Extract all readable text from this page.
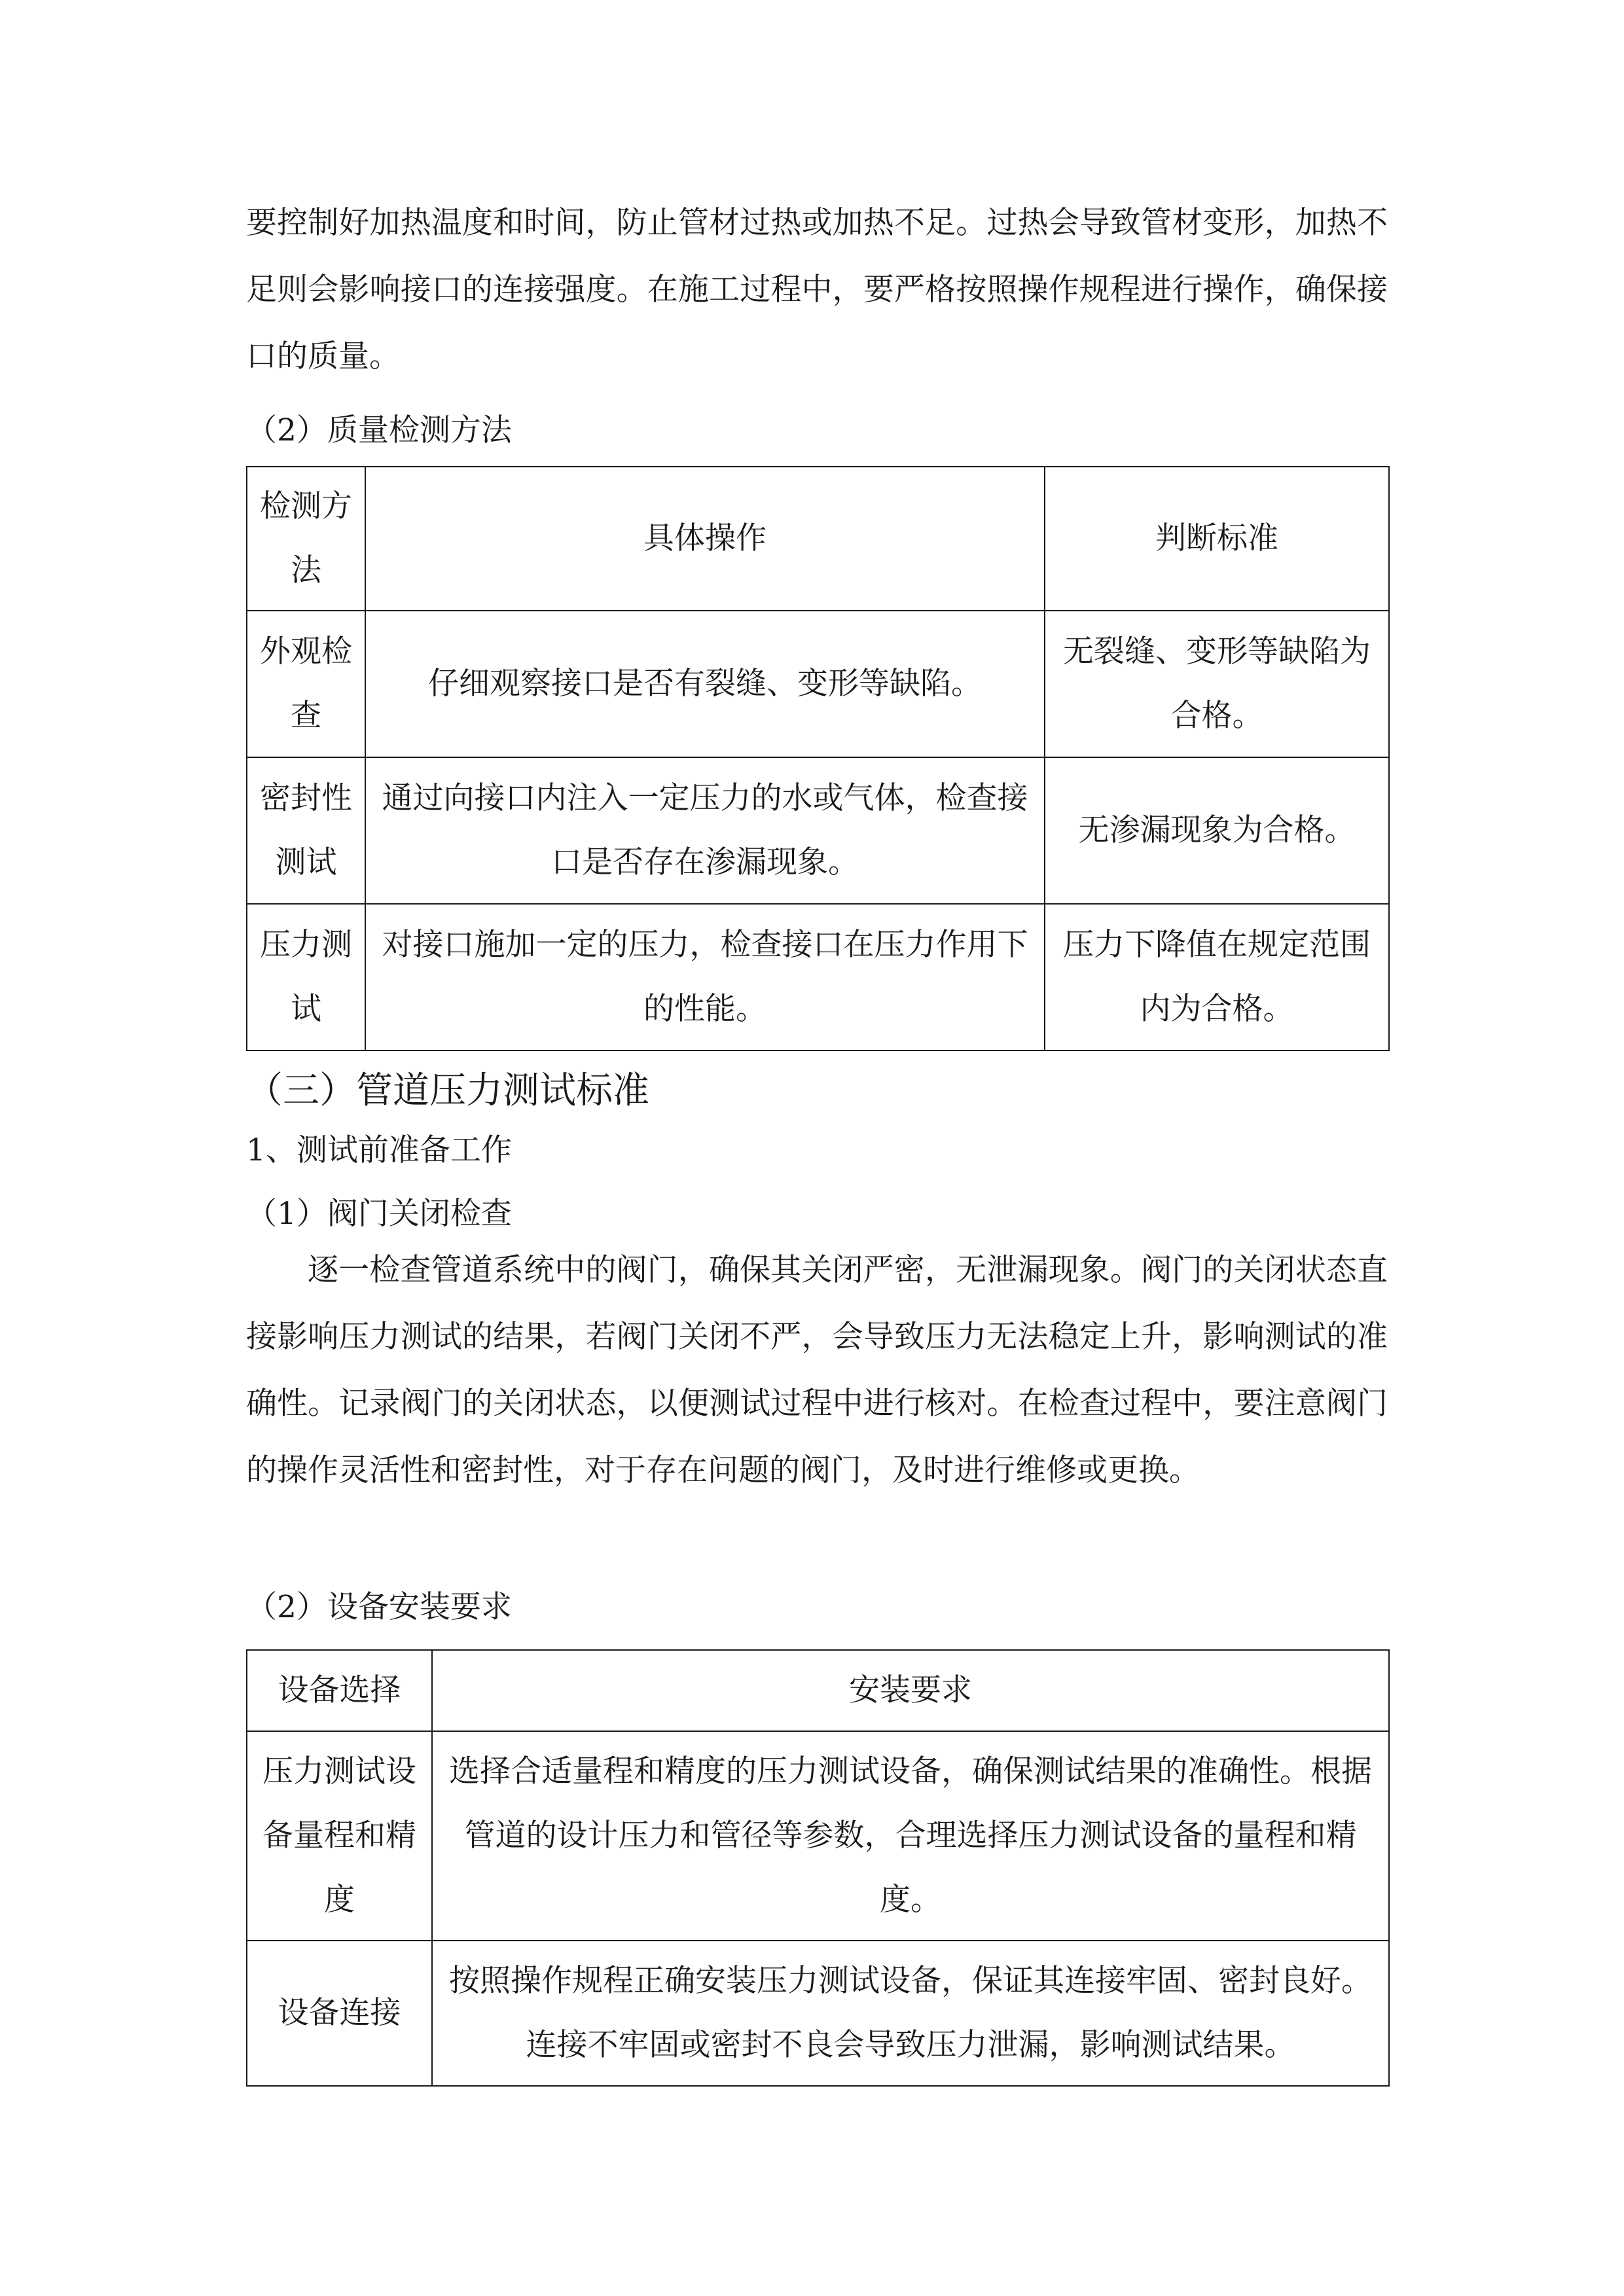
要控制好加热温度和时间，防止管材过热或加热不足。过热会导致管材变形，加热不足则会影响接口的连接强度。在施工过程中，要严格按照操作规程进行操作，确保接口的质量。

（2）质量检测方法

检测方法	具体操作	判断标准
外观检查	仔细观察接口是否有裂缝、变形等缺陷。	无裂缝、变形等缺陷为合格。
密封性测试	通过向接口内注入一定压力的水或气体，检查接口是否存在渗漏现象。	无渗漏现象为合格。
压力测试	对接口施加一定的压力，检查接口在压力作用下的性能。	压力下降值在规定范围内为合格。

（三）管道压力测试标准

1、测试前准备工作

（1）阀门关闭检查

逐一检查管道系统中的阀门，确保其关闭严密，无泄漏现象。阀门的关闭状态直接影响压力测试的结果，若阀门关闭不严，会导致压力无法稳定上升，影响测试的准确性。记录阀门的关闭状态，以便测试过程中进行核对。在检查过程中，要注意阀门的操作灵活性和密封性，对于存在问题的阀门，及时进行维修或更换。

（2）设备安装要求

设备选择	安装要求
压力测试设备量程和精度	选择合适量程和精度的压力测试设备，确保测试结果的准确性。根据管道的设计压力和管径等参数，合理选择压力测试设备的量程和精度。
设备连接	按照操作规程正确安装压力测试设备，保证其连接牢固、密封良好。连接不牢固或密封不良会导致压力泄漏，影响测试结果。
